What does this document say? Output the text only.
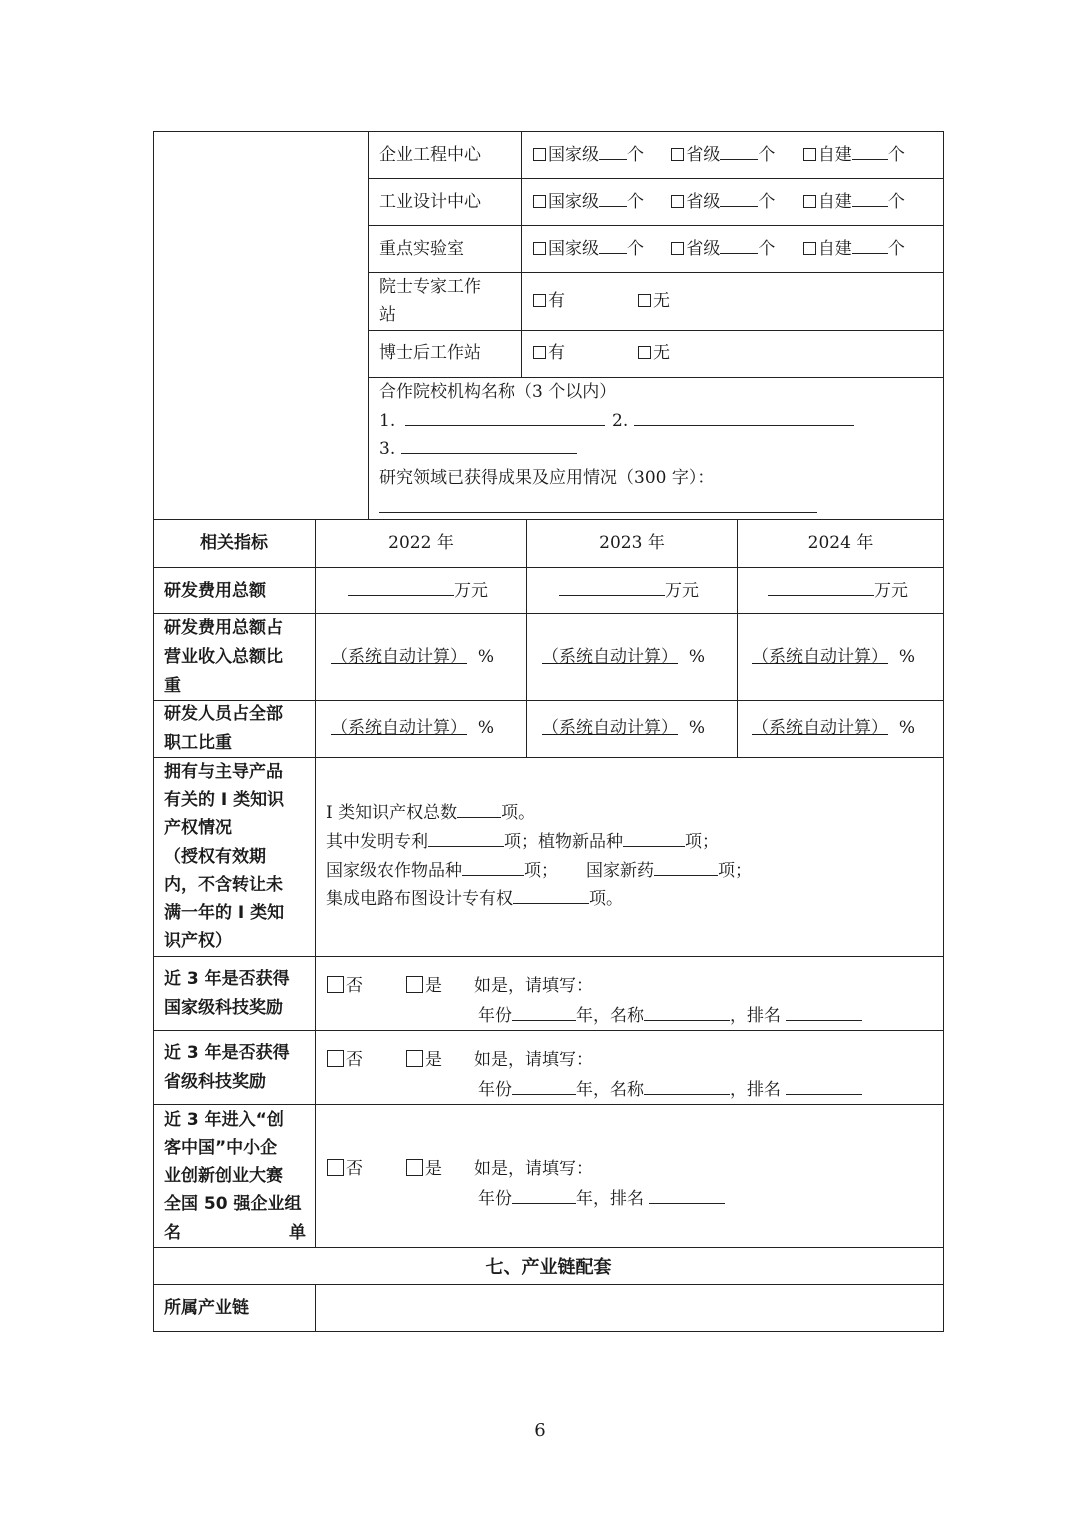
企业工程中心	国家级 个 省级 个 自建 个
工业设计中心	国家级 个 省级 个 自建 个
重点实验室	国家级 个 省级 个 自建 个
院士专家工作
站
有	无
博士后工作站	有	无
合作院校机构名称（3 个以内）
1.	2.
3.
研究领域已获得成果及应用情况（300 字）：
相关指标	2022 年	2023 年	2024 年
研发费用总额	万元	万元	万元
研发费用总额占
营业收入总额比
重
（系统自动计算） %	（系统自动计算） %	（系统自动计算） %
研发人员占全部
职工比重
（系统自动计算） %	（系统自动计算） %	（系统自动计算） %
拥有与主导产品
有关的 I 类知识
产权情况
（授权有效期
内，不含转让未
满一年的 I 类知
识产权）
I 类知识产权总数	项。
其中发明专利	项；植物新品种	项；
国家级农作物品种	项； 国家新药	项；
集成电路布图设计专有权	项。
近 3 年是否获得
国家级科技奖励
否	是 如是，请填写：
年份	年，名称	，排名
近 3 年是否获得
省级科技奖励
否	是 如是，请填写：
年份	年，名称	，排名
近 3 年进入“创
客中国”中小企
业创新创业大赛
全国 50 强企业组
名	单
否	是 如是，请填写：
年份	年，排名
七、产业链配套
所属产业链
6
